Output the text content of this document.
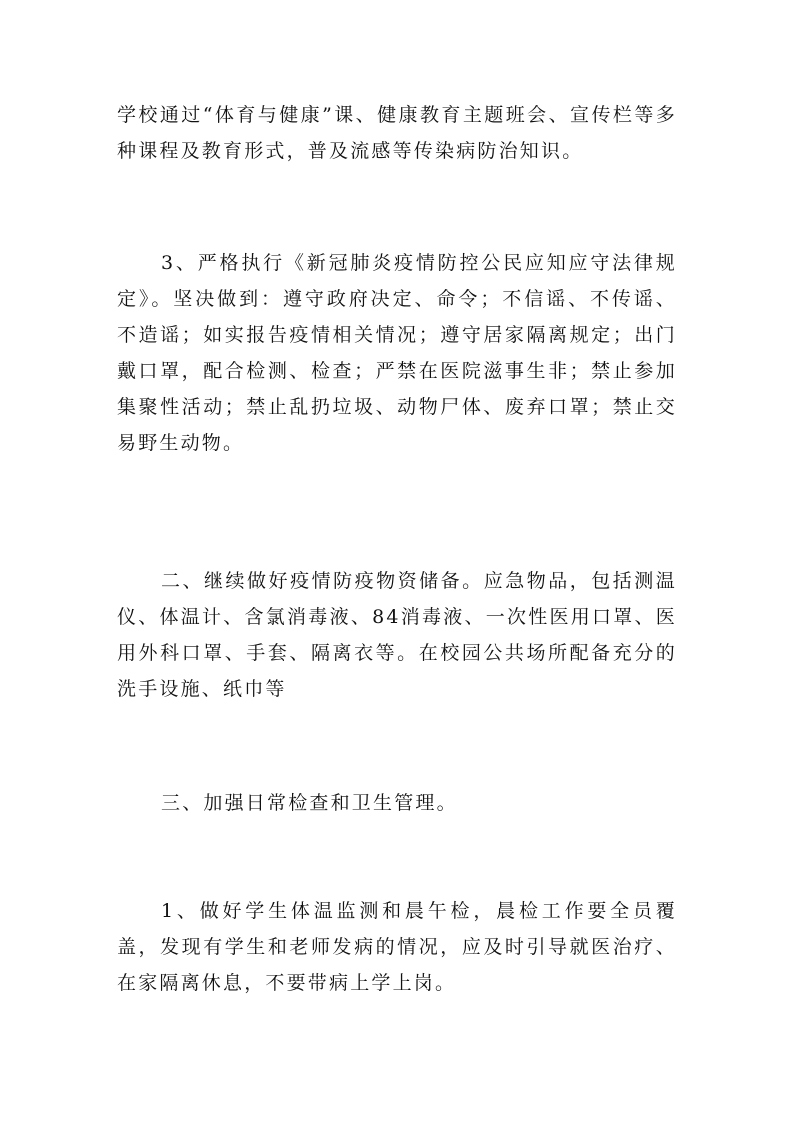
学校通过“体育与健康”课、健康教育主题班会、宣传栏等多种课程及教育形式，普及流感等传染病防治知识。

3、严格执行《新冠肺炎疫情防控公民应知应守法律规定》。坚决做到：遵守政府决定、命令；不信谣、不传谣、不造谣；如实报告疫情相关情况；遵守居家隔离规定；出门戴口罩，配合检测、检查；严禁在医院滋事生非；禁止参加集聚性活动；禁止乱扔垃圾、动物尸体、废弃口罩；禁止交易野生动物。

二、继续做好疫情防疫物资储备。应急物品，包括测温仪、体温计、含氯消毒液、84消毒液、一次性医用口罩、医用外科口罩、手套、隔离衣等。在校园公共场所配备充分的洗手设施、纸巾等

三、加强日常检查和卫生管理。

1、做好学生体温监测和晨午检，晨检工作要全员覆盖，发现有学生和老师发病的情况，应及时引导就医治疗、在家隔离休息，不要带病上学上岗。
